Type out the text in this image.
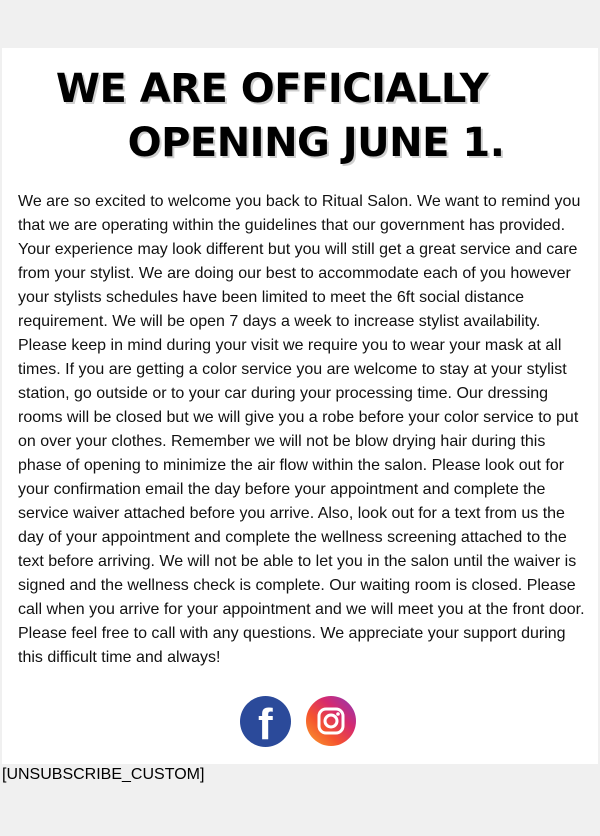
WE ARE OFFICIALLY
OPENING JUNE 1.
We are so excited to welcome you back to Ritual Salon. We want to remind you that we are operating within the guidelines that our government has provided. Your experience may look different but you will still get a great service and care from your stylist. We are doing our best to accommodate each of you however your stylists schedules have been limited to meet the 6ft social distance requirement. We will be open 7 days a week to increase stylist availability. Please keep in mind during your visit we require you to wear your mask at all times. If you are getting a color service you are welcome to stay at your stylist station, go outside or to your car during your processing time. Our dressing rooms will be closed but we will give you a robe before your color service to put on over your clothes. Remember we will not be blow drying hair during this phase of opening to minimize the air flow within the salon. Please look out for your confirmation email the day before your appointment and complete the service waiver attached before you arrive. Also, look out for a text from us the day of your appointment and complete the wellness screening attached to the text before arriving. We will not be able to let you in the salon until the waiver is signed and the wellness check is complete. Our waiting room is closed. Please call when you arrive for your appointment and we will meet you at the front door. Please feel free to call with any questions. We appreciate your support during this difficult time and always!
f
[UNSUBSCRIBE_CUSTOM]
